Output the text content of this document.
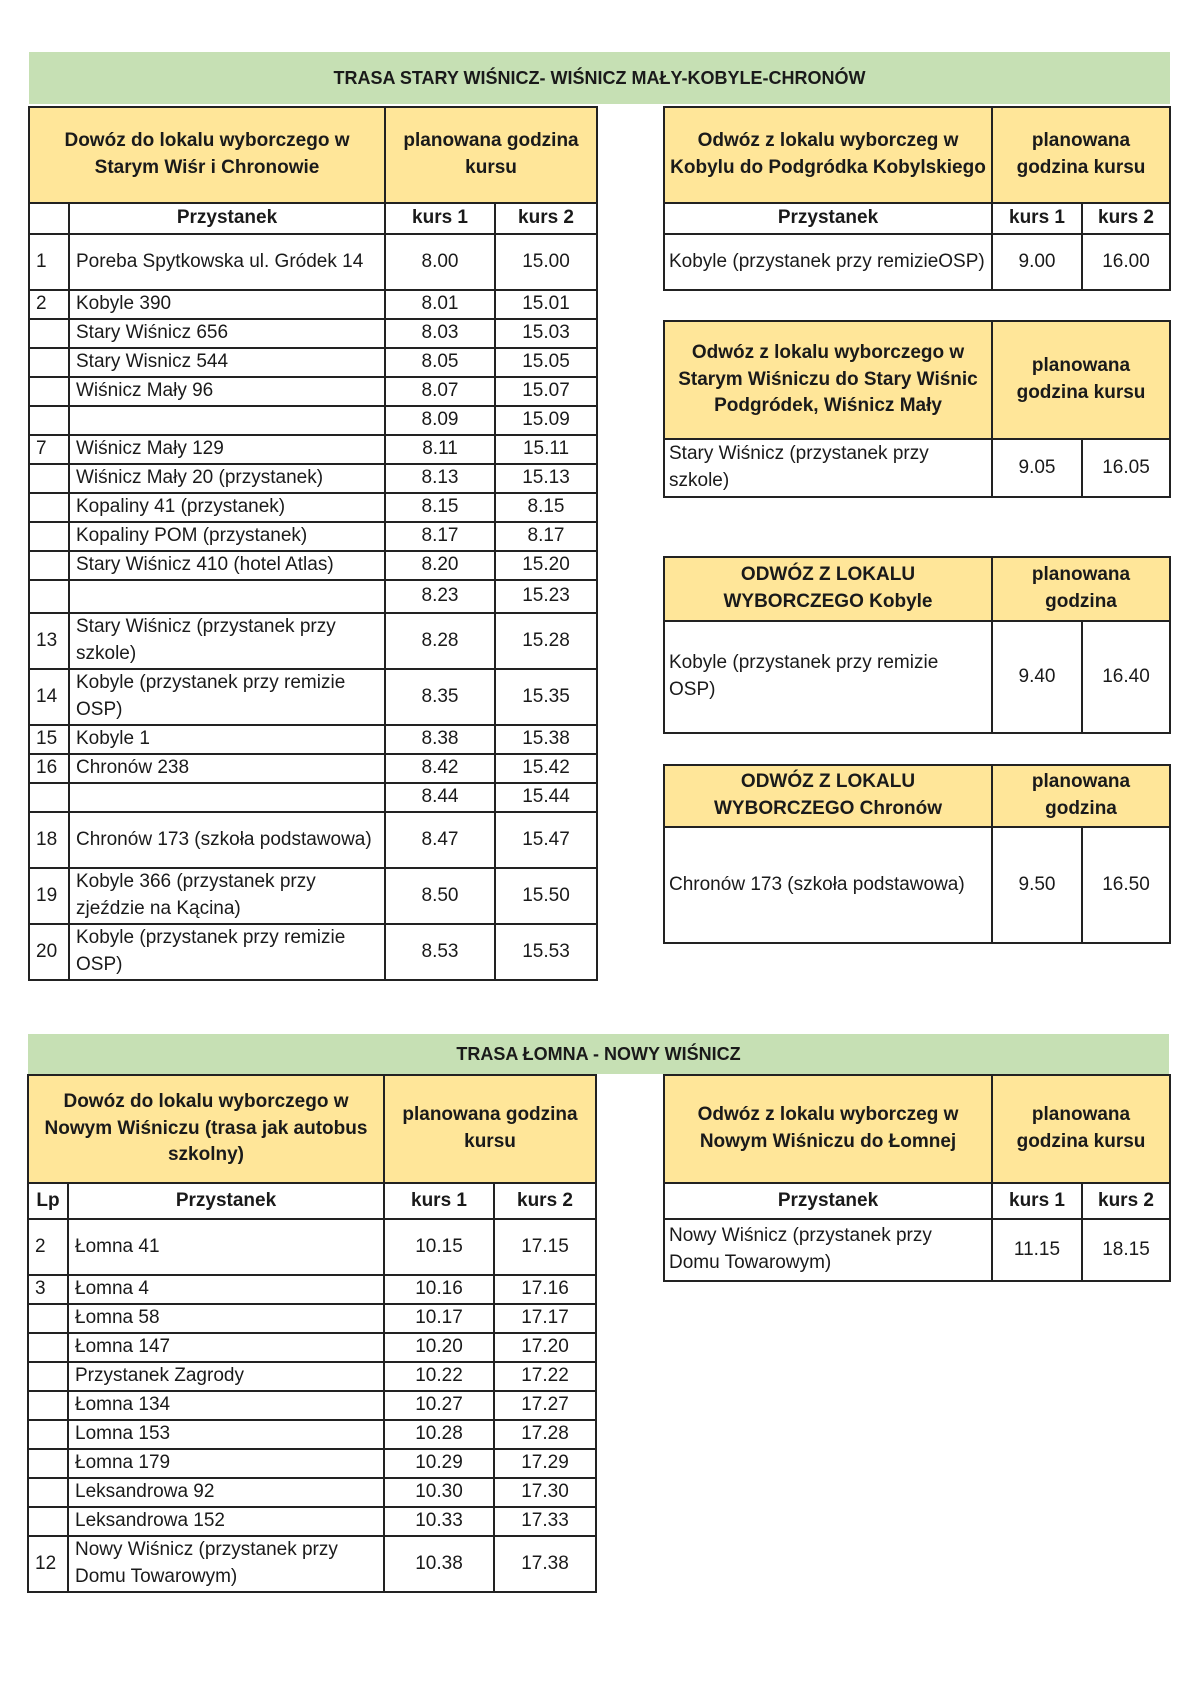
TRASA STARY WIŚNICZ- WIŚNICZ MAŁY-KOBYLE-CHRONÓW
Dowóz do lokalu wyborczego w Starym Wiśr i Chronowie		planowana godzina kursu	
	Przystanek	kurs 1	kurs 2
1	Poreba Spytkowska ul. Gródek 14	8.00	15.00
2	Kobyle 390	8.01	15.01
	Stary Wiśnicz 656	8.03	15.03
	Stary Wisnicz 544	8.05	15.05
	Wiśnicz Mały 96	8.07	15.07
		8.09	15.09
7	Wiśnicz Mały 129	8.11	15.11
	Wiśnicz Mały 20 (przystanek)	8.13	15.13
	Kopaliny 41 (przystanek)	8.15	8.15
	Kopaliny POM (przystanek)	8.17	8.17
	Stary Wiśnicz 410 (hotel Atlas)	8.20	15.20
		8.23	15.23
13	Stary Wiśnicz (przystanek przy szkole)	8.28	15.28
14	Kobyle (przystanek przy remizie OSP)	8.35	15.35
15	Kobyle 1	8.38	15.38
16	Chronów 238	8.42	15.42
		8.44	15.44
18	Chronów 173 (szkoła podstawowa)	8.47	15.47
19	Kobyle 366 (przystanek przy zjeździe na Kącina)	8.50	15.50
20	Kobyle (przystanek przy remizie OSP)	8.53	15.53
Odwóz z lokalu wyborczeg w Kobylu do Podgródka Kobylskiego	planowana godzina kursu	
Przystanek	kurs 1	kurs 2
Kobyle (przystanek przy remizieOSP)	9.00	16.00
Odwóz z lokalu wyborczego w Starym Wiśniczu do Stary Wiśnic Podgródek, Wiśnicz Mały	planowana godzina kursu	
Stary Wiśnicz (przystanek przy szkole)	9.05	16.05
ODWÓZ Z LOKALU WYBORCZEGO Kobyle	planowana godzina	
Kobyle (przystanek przy remizie OSP)	9.40	16.40
ODWÓZ Z LOKALU WYBORCZEGO Chronów	planowana godzina	
Chronów 173 (szkoła podstawowa)	9.50	16.50
TRASA ŁOMNA - NOWY WIŚNICZ
Dowóz do lokalu wyborczego w Nowym Wiśniczu (trasa jak autobus szkolny)		planowana godzina kursu	
Lp	Przystanek	kurs 1	kurs 2
2	Łomna 41	10.15	17.15
3	Łomna 4	10.16	17.16
	Łomna 58	10.17	17.17
	Łomna 147	10.20	17.20
	Przystanek Zagrody	10.22	17.22
	Łomna 134	10.27	17.27
	Lomna 153	10.28	17.28
	Łomna 179	10.29	17.29
	Leksandrowa 92	10.30	17.30
	Leksandrowa 152	10.33	17.33
12	Nowy Wiśnicz (przystanek przy Domu Towarowym)	10.38	17.38
Odwóz z lokalu wyborczeg w Nowym Wiśniczu do Łomnej	planowana godzina kursu	
Przystanek	kurs 1	kurs 2
Nowy Wiśnicz (przystanek przy Domu Towarowym)	11.15	18.15
